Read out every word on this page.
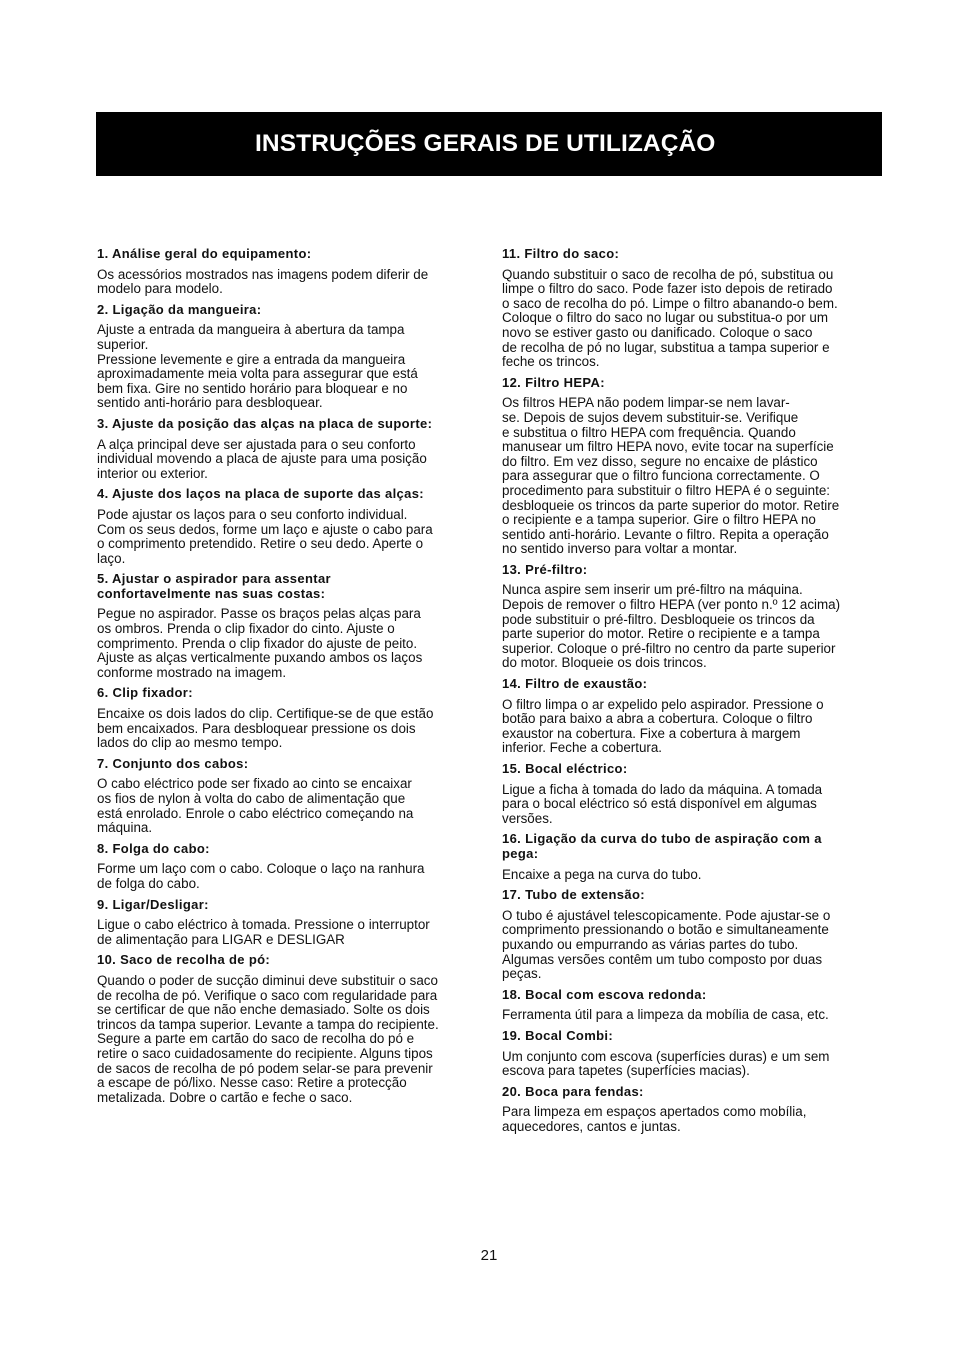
INSTRUÇÕES GERAIS DE UTILIZAÇÃO
1. Análise geral do equipamento:
Os acessórios mostrados nas imagens podem diferir de
modelo para modelo.
2. Ligação da mangueira:
Ajuste a entrada da mangueira à abertura da tampa
superior.
Pressione levemente e gire a entrada da mangueira
aproximadamente meia volta para assegurar que está
bem fixa. Gire no sentido horário para bloquear e no
sentido anti-horário para desbloquear.
3. Ajuste da posição das alças na placa de suporte:
A alça principal deve ser ajustada para o seu conforto
individual movendo a placa de ajuste para uma posição
interior ou exterior.
4. Ajuste dos laços na placa de suporte das alças:
Pode ajustar os laços para o seu conforto individual.
Com os seus dedos, forme um laço e ajuste o cabo para
o comprimento pretendido. Retire o seu dedo. Aperte o
laço.
5. Ajustar o aspirador para assentar
confortavelmente nas suas costas:
Pegue no aspirador. Passe os braços pelas alças para
os ombros. Prenda o clip fixador do cinto. Ajuste o
comprimento. Prenda o clip fixador do ajuste de peito.
Ajuste as alças verticalmente puxando ambos os laços
conforme mostrado na imagem.
6. Clip fixador:
Encaixe os dois lados do clip. Certifique-se de que estão
bem encaixados. Para desbloquear pressione os dois
lados do clip ao mesmo tempo.
7. Conjunto dos cabos:
O cabo eléctrico pode ser fixado ao cinto se encaixar
os fios de nylon à volta do cabo de alimentação que
está enrolado. Enrole o cabo eléctrico começando na
máquina.
8. Folga do cabo:
Forme um laço com o cabo. Coloque o laço na ranhura
de folga do cabo.
9. Ligar/Desligar:
Ligue o cabo eléctrico à tomada. Pressione o interruptor
de alimentação para LIGAR e DESLIGAR
10. Saco de recolha de pó:
Quando o poder de sucção diminui deve substituir o saco
de recolha de pó. Verifique o saco com regularidade para
se certificar de que não enche demasiado. Solte os dois
trincos da tampa superior. Levante a tampa do recipiente.
Segure a parte em cartão do saco de recolha do pó e
retire o saco cuidadosamente do recipiente. Alguns tipos
de sacos de recolha de pó podem selar-se para prevenir
a escape de pó/lixo. Nesse caso: Retire a protecção
metalizada. Dobre o cartão e feche o saco.
11. Filtro do saco:
Quando substituir o saco de recolha de pó, substitua ou
limpe o filtro do saco. Pode fazer isto depois de retirado
o saco de recolha do pó. Limpe o filtro abanando-o bem.
Coloque o filtro do saco no lugar ou substitua-o por um
novo se estiver gasto ou danificado. Coloque o saco
de recolha de pó no lugar, substitua a tampa superior e
feche os trincos.
12. Filtro HEPA:
Os filtros HEPA não podem limpar-se nem lavar-
se. Depois de sujos devem substituir-se. Verifique
e substitua o filtro HEPA com frequência. Quando
manusear um filtro HEPA novo, evite tocar na superfície
do filtro. Em vez disso, segure no encaixe de plástico
para assegurar que o filtro funciona correctamente. O
procedimento para substituir o filtro HEPA é o seguinte:
desbloqueie os trincos da parte superior do motor. Retire
o recipiente e a tampa superior. Gire o filtro HEPA no
sentido anti-horário. Levante o filtro. Repita a operação
no sentido inverso para voltar a montar.
13. Pré-filtro:
Nunca aspire sem inserir um pré-filtro na máquina.
Depois de remover o filtro HEPA (ver ponto n.º 12 acima)
pode substituir o pré-filtro. Desbloqueie os trincos da
parte superior do motor. Retire o recipiente e a tampa
superior. Coloque o pré-filtro no centro da parte superior
do motor. Bloqueie os dois trincos.
14. Filtro de exaustão:
O filtro limpa o ar expelido pelo aspirador. Pressione o
botão para baixo a abra a cobertura. Coloque o filtro
exaustor na cobertura. Fixe a cobertura à margem
inferior. Feche a cobertura.
15. Bocal eléctrico:
Ligue a ficha à tomada do lado da máquina. A tomada
para o bocal eléctrico só está disponível em algumas
versões.
16. Ligação da curva do tubo de aspiração com a
pega:
Encaixe a pega na curva do tubo.
17. Tubo de extensão:
O tubo é ajustável telescopicamente. Pode ajustar-se o
comprimento pressionando o botão e simultaneamente
puxando ou empurrando as várias partes do tubo.
Algumas versões contêm um tubo composto por duas
peças.
18. Bocal com escova redonda:
Ferramenta útil para a limpeza da mobília de casa, etc.
19. Bocal Combi:
Um conjunto com escova (superfícies duras) e um sem
escova para tapetes (superfícies macias).
20. Boca para fendas:
Para limpeza em espaços apertados como mobília,
aquecedores, cantos e juntas.
21
